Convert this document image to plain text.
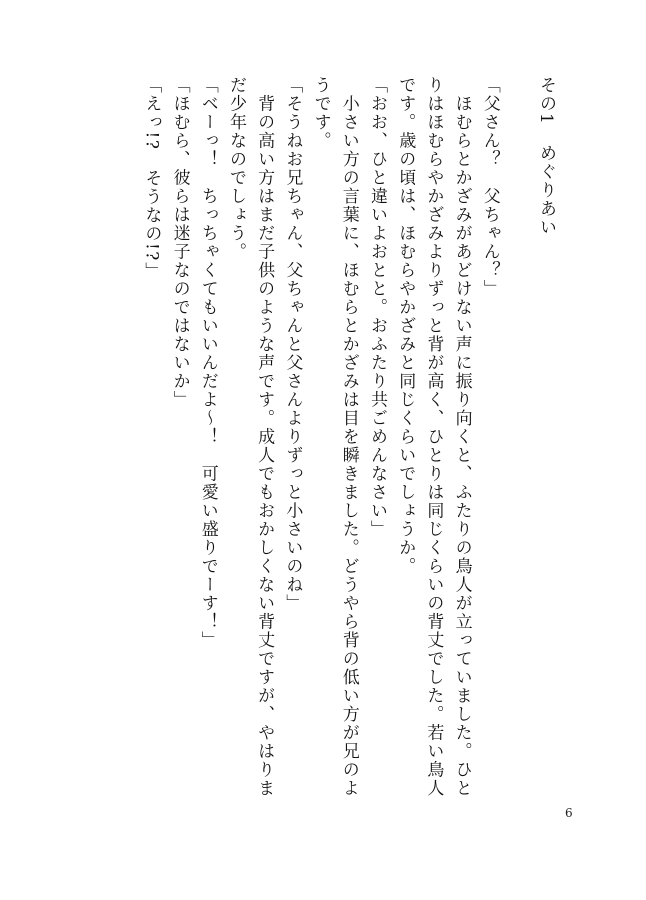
その1　めぐりあい
「父さん？　父ちゃん？」
　ほむらとかざみがあどけない声に振り向くと、ふたりの鳥人が立っていました。ひと
りはほむらやかざみよりずっと背が高く、ひとりは同じくらいの背丈でした。若い鳥人
です。歳の頃は、ほむらやかざみと同じくらいでしょうか。
「おお、ひと違いよおとと。おふたり共ごめんなさい」
　小さい方の言葉に、ほむらとかざみは目を瞬きました。どうやら背の低い方が兄のよ
うです。
「そうねお兄ちゃん、父ちゃんと父さんよりずっと小さいのね」
　背の高い方はまだ子供のような声です。成人でもおかしくない背丈ですが、やはりま
だ少年なのでしょう。
「ベーっ！　ちっちゃくてもいいんだよ～！　可愛い盛りでーす！」
「ほむら、彼らは迷子なのではないか」
「えっ!?　そうなの!?」
6
